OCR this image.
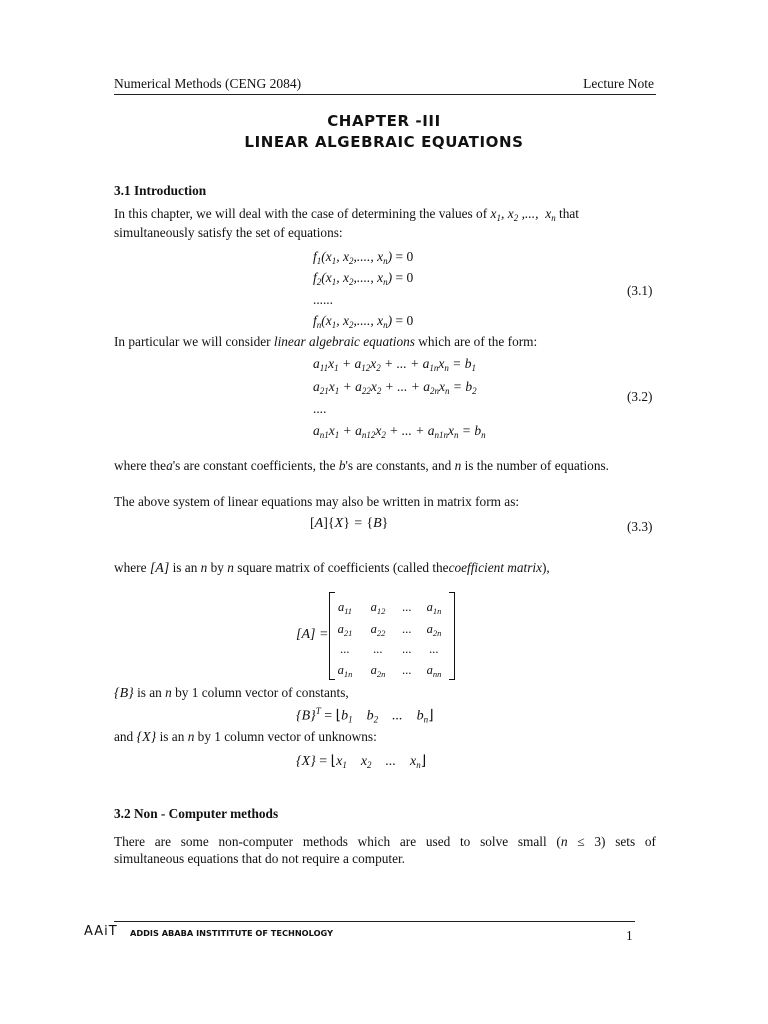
Numerical Methods (CENG 2084)	Lecture Note
CHAPTER -III
LINEAR ALGEBRAIC EQUATIONS
3.1 Introduction
In this chapter, we will deal with the case of determining the values of $x_1$, $x_2$ ,...,  $x_n$ that
simultaneously satisfy the set of equations:
$f_1(x_1$, $x_2$,...., $x_n) = 0$
$f_2(x_1$, $x_2$,...., $x_n) = 0$
......
$f_n(x_1$, $x_2$,...., $x_n) = 0$
(3.1)
In particular we will consider linear algebraic equations which are of the form:
$a_{11}x_1 + a_{12}x_2$ + ... + $a_{1n}x_n = b_1$
$a_{21}x_1 + a_{22}x_2$ + ... + $a_{2n}x_n = b_2$
....
$a_{n1}x_1 + a_{n12}x_2$ + ... + $a_{n1n}x_n = b_n$
(3.2)
where thea's are constant coefficients, the b's are constants, and n is the number of equations.
The above system of linear equations may also be written in matrix form as:
[A]{X} = {B}	(3.3)
where [A] is an n by n square matrix of coefficients (called thecoefficient matrix),
[A] =
$a_{11}$	$a_{12}$	...	$a_{1n}$
$a_{21}$	$a_{22}$	...	$a_{2n}$
...	...	...	...
$a_{1n}$	$a_{2n}$	...	$a_{nn}$
{B} is an n by 1 column vector of constants,
$\{B\}^T$ = $⌊b_1$    $b_2$    ...    $b_n⌋$
and {X} is an n by 1 column vector of unknowns:
$\{X\} = ⌊x_1$    $x_2$    ...    $x_n⌋$
3.2 Non - Computer methods
There are some non-computer methods which are used to solve small (n ≤ 3) sets of
simultaneous equations that do not require a computer.
AAiT ADDIS ABABA INSTITITUTE OF TECHNOLOGY	1
